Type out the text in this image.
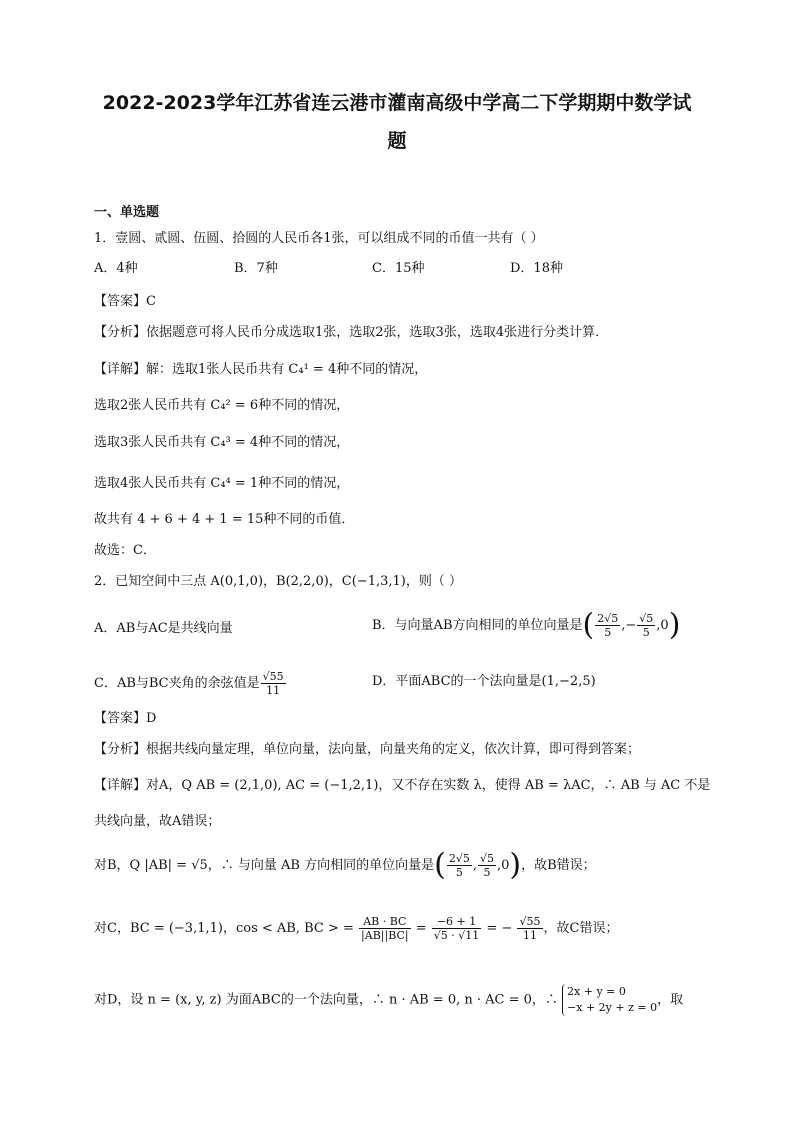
2022-2023学年江苏省连云港市灌南高级中学高二下学期期中数学试
题
一、单选题
1．壹圆、贰圆、伍圆、拾圆的人民币各1张，可以组成不同的币值一共有（ ）
A．4种	B．7种	C．15种	D．18种
【答案】C
【分析】依据题意可将人民币分成选取1张，选取2张，选取3张，选取4张进行分类计算．
【详解】解：选取1张人民币共有 C₄¹ = 4种不同的情况，
选取2张人民币共有 C₄² = 6种不同的情况，
选取3张人民币共有 C₄³ = 4种不同的情况，
选取4张人民币共有 C₄⁴ = 1种不同的情况，
故共有 4 + 6 + 4 + 1 = 15种不同的币值．
故选：C．
2．已知空间中三点 A(0,1,0)，B(2,2,0)，C(−1,3,1)，则（ ）
A．AB与AC是共线向量	B．与向量AB方向相同的单位向量是( $\frac{2√5}{5}$ ,− $\frac{√5}{5} ,0$)
C．AB与BC夹角的余弦值是 $\frac{√55}{11}$	D．平面ABC的一个法向量是(1,−2,5)
【答案】D
【分析】根据共线向量定理，单位向量，法向量，向量夹角的定义，依次计算，即可得到答案；
【详解】对A，Q AB = (2,1,0), AC = (−1,2,1)，又不存在实数 λ，使得 AB = λAC，∴ AB 与 AC 不是
共线向量，故A错误；
对B，Q |AB| = √5，∴ 与向量 AB 方向相同的单位向量是( $\frac{2√5}{5}$ , $\frac{√5}{5} ,0$)，故B错误；
对C，BC = (−3,1,1)，cos < AB, BC > = $\frac{AB \cdot BC}{|AB||BC|} = \frac{-6 + 1}{√5 \cdot √11}$ = − $\frac{√55}{11}$ ，故C错误；
对D，设 n = (x, y, z) 为面ABC的一个法向量，∴ n · AB = 0, n · AC = 0，∴
2x + y = 0
−x + 2y + z = 0 ，取
